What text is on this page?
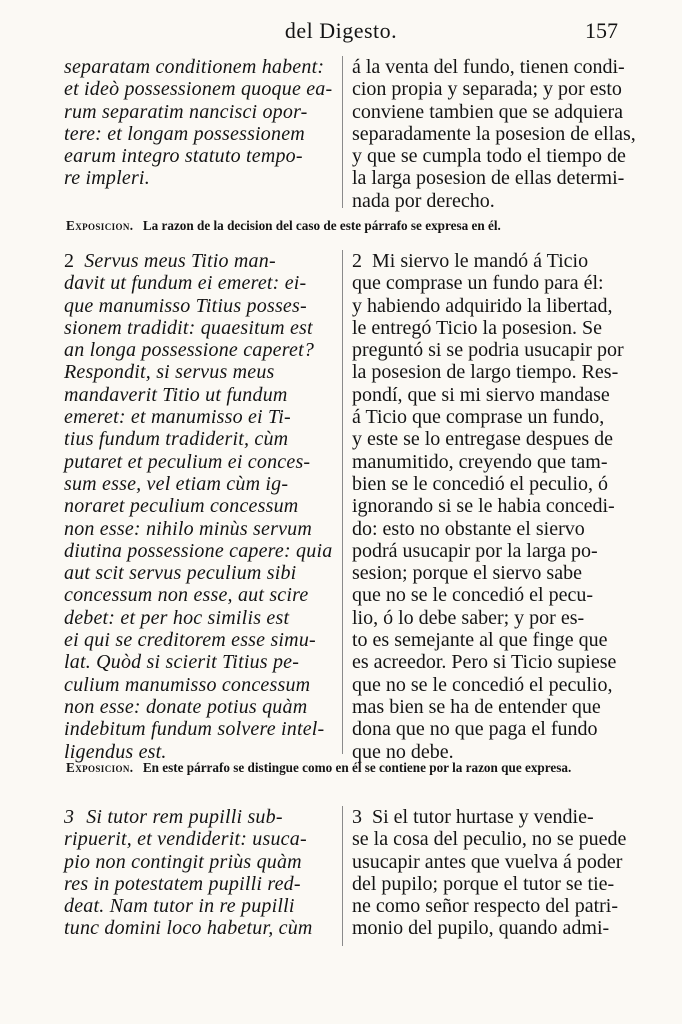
del Digesto.	157
separatam conditionem habent:
et ideò possessionem quoque ea-
rum separatim nancisci opor-
tere: et longam possessionem
earum integro statuto tempo-
re impleri.
á la venta del fundo, tienen condi-
cion propia y separada; y por esto
conviene tambien que se adquiera
separadamente la posesion de ellas,
y que se cumpla todo el tiempo de
la larga posesion de ellas determi-
nada por derecho.
Exposicion. La razon de la decision del caso de este párrafo se expresa en él.
2 Servus meus Titio man-
davit ut fundum ei emeret: ei-
que manumisso Titius posses-
sionem tradidit: quaesitum est
an longa possessione caperet?
Respondit, si servus meus
mandaverit Titio ut fundum
emeret: et manumisso ei Ti-
tius fundum tradiderit, cùm
putaret et peculium ei conces-
sum esse, vel etiam cùm ig-
noraret peculium concessum
non esse: nihilo minùs servum
diutina possessione capere: quia
aut scit servus peculium sibi
concessum non esse, aut scire
debet: et per hoc similis est
ei qui se creditorem esse simu-
lat. Quòd si scierit Titius pe-
culium manumisso concessum
non esse: donate potius quàm
indebitum fundum solvere intel-
ligendus est.
2 Mi siervo le mandó á Ticio
que comprase un fundo para él:
y habiendo adquirido la libertad,
le entregó Ticio la posesion. Se
preguntó si se podria usucapir por
la posesion de largo tiempo. Res-
pondí, que si mi siervo mandase
á Ticio que comprase un fundo,
y este se lo entregase despues de
manumitido, creyendo que tam-
bien se le concedió el peculio, ó
ignorando si se le habia concedi-
do: esto no obstante el siervo
podrá usucapir por la larga po-
sesion; porque el siervo sabe
que no se le concedió el pecu-
lio, ó lo debe saber; y por es-
to es semejante al que finge que
es acreedor. Pero si Ticio supiese
que no se le concedió el peculio,
mas bien se ha de entender que
dona que no que paga el fundo
que no debe.
Exposicion. En este párrafo se distingue como en él se contiene por la razon que expresa.
3 Si tutor rem pupilli sub-
ripuerit, et vendiderit: usuca-
pio non contingit priùs quàm
res in potestatem pupilli red-
deat. Nam tutor in re pupilli
tunc domini loco habetur, cùm
3 Si el tutor hurtase y vendie-
se la cosa del peculio, no se puede
usucapir antes que vuelva á poder
del pupilo; porque el tutor se tie-
ne como señor respecto del patri-
monio del pupilo, quando admi-
